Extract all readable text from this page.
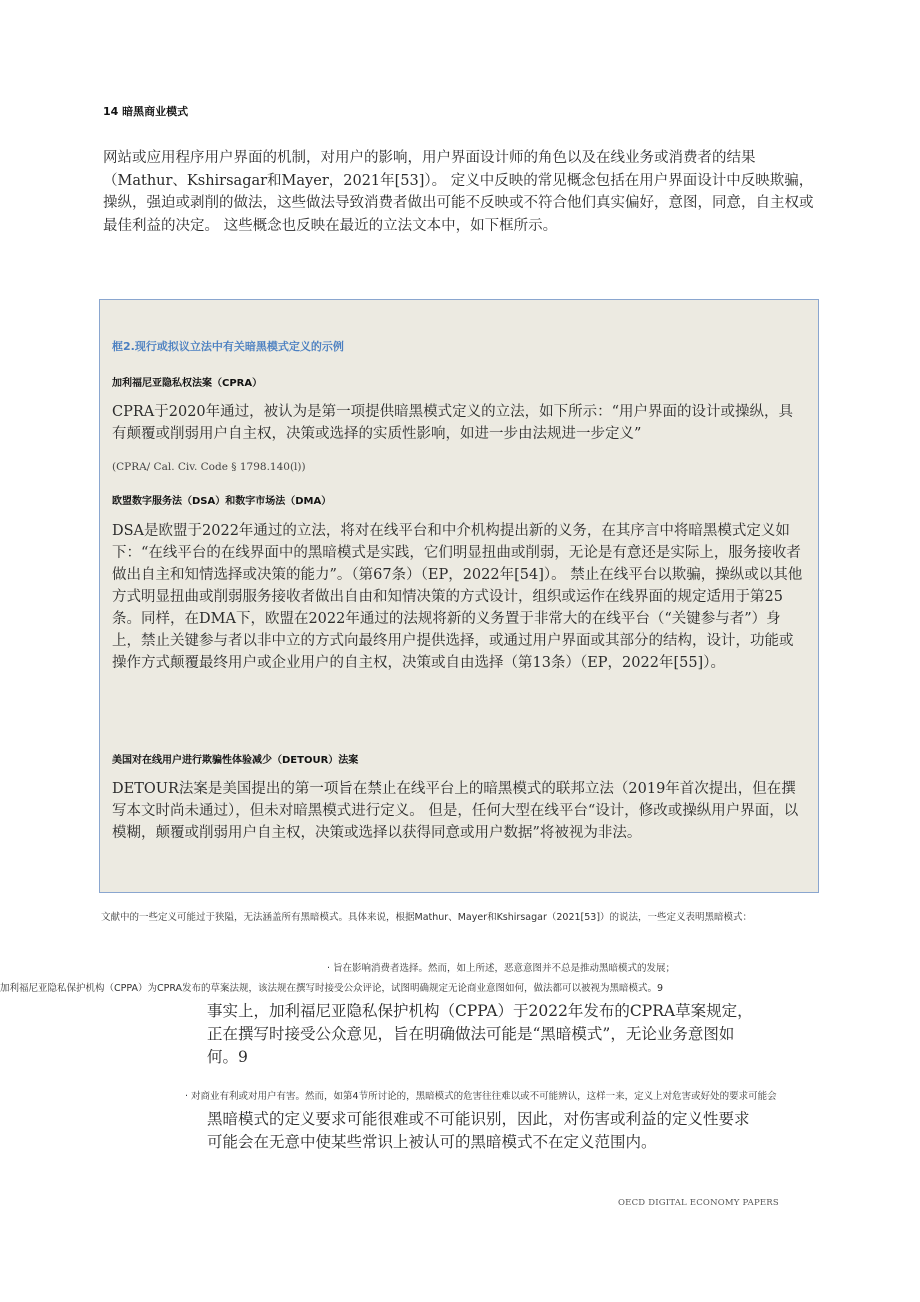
14 暗黑商业模式
网站或应用程序用户界面的机制，对用户的影响，用户界面设计师的角色以及在线业务或消费者的结果（Mathur、Kshirsagar和Mayer，2021年[53]）。 定义中反映的常见概念包括在用户界面设计中反映欺骗，操纵，强迫或剥削的做法，这些做法导致消费者做出可能不反映或不符合他们真实偏好，意图，同意，自主权或最佳利益的决定。 这些概念也反映在最近的立法文本中，如下框所示。
框2.现行或拟议立法中有关暗黑模式定义的示例
加利福尼亚隐私权法案（CPRA）
CPRA于2020年通过，被认为是第一项提供暗黑模式定义的立法，如下所示：“用户界面的设计或操纵，具有颠覆或削弱用户自主权，决策或选择的实质性影响，如进一步由法规进一步定义”
(CPRA/ Cal. Civ. Code § 1798.140(l))
欧盟数字服务法（DSA）和数字市场法（DMA）
DSA是欧盟于2022年通过的立法，将对在线平台和中介机构提出新的义务，在其序言中将暗黑模式定义如下：“在线平台的在线界面中的黑暗模式是实践，它们明显扭曲或削弱，无论是有意还是实际上，服务接收者做出自主和知情选择或决策的能力”。（第67条）（EP，2022年[54]）。 禁止在线平台以欺骗，操纵或以其他方式明显扭曲或削弱服务接收者做出自由和知情决策的方式设计，组织或运作在线界面的规定适用于第25条。同样，在DMA下，欧盟在2022年通过的法规将新的义务置于非常大的在线平台（“关键参与者”）身上，禁止关键参与者以非中立的方式向最终用户提供选择，或通过用户界面或其部分的结构，设计，功能或操作方式颠覆最终用户或企业用户的自主权，决策或自由选择（第13条）（EP，2022年[55]）。
美国对在线用户进行欺骗性体验减少（DETOUR）法案
DETOUR法案是美国提出的第一项旨在禁止在线平台上的暗黑模式的联邦立法（2019年首次提出，但在撰写本文时尚未通过），但未对暗黑模式进行定义。 但是，任何大型在线平台“设计，修改或操纵用户界面，以模糊，颠覆或削弱用户自主权，决策或选择以获得同意或用户数据”将被视为非法。
文献中的一些定义可能过于狭隘，无法涵盖所有黑暗模式。具体来说，根据Mathur、Mayer和Kshirsagar（2021[53]）的说法，一些定义表明黑暗模式：
· 旨在影响消费者选择。然而，如上所述，恶意意图并不总是推动黑暗模式的发展；
加利福尼亚隐私保护机构（CPPA）为CPRA发布的草案法规，该法规在撰写时接受公众评论，试图明确规定无论商业意图如何，做法都可以被视为黑暗模式。9
事实上，加利福尼亚隐私保护机构（CPPA）于2022年发布的CPRA草案规定，正在撰写时接受公众意见，旨在明确做法可能是“黑暗模式”，无论业务意图如何。9
· 对商业有利或对用户有害。然而，如第4节所讨论的，黑暗模式的危害往往难以或不可能辨认，这样一来，定义上对危害或好处的要求可能会
黑暗模式的定义要求可能很难或不可能识别，因此，对伤害或利益的定义性要求可能会在无意中使某些常识上被认可的黑暗模式不在定义范围内。
OECD DIGITAL ECONOMY PAPERS
